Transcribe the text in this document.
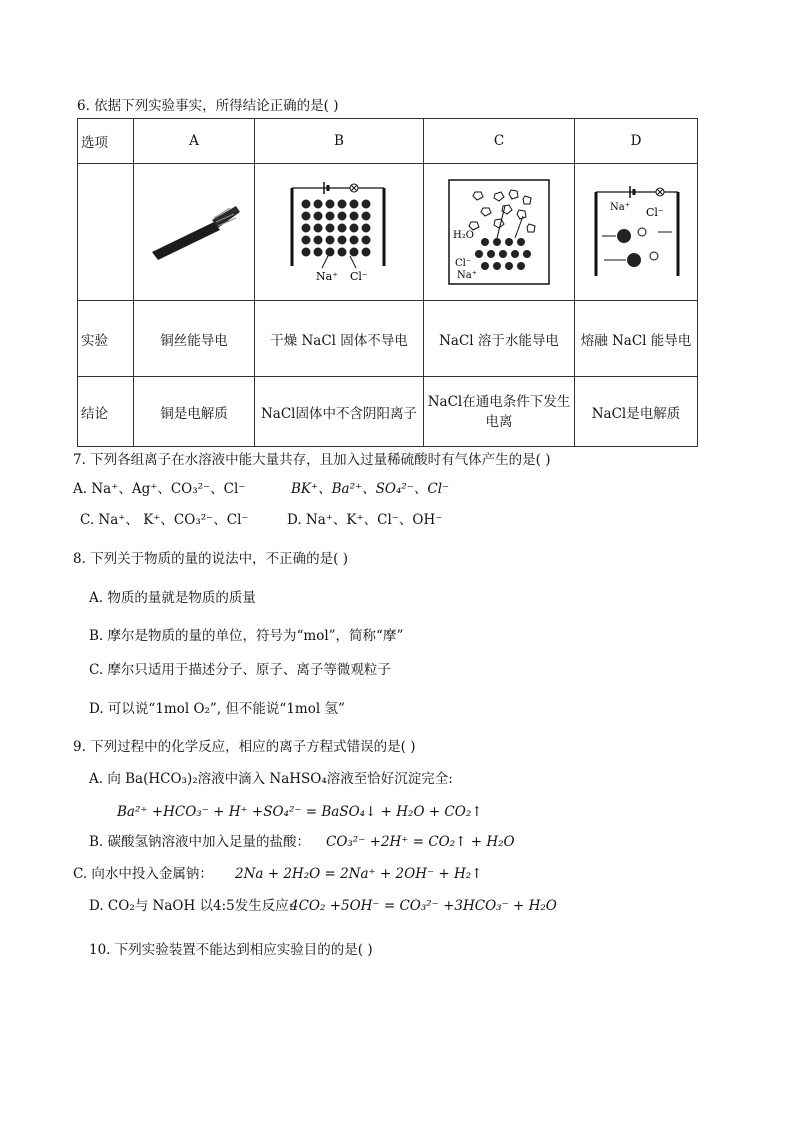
6. 依据下列实验事实，所得结论正确的是( )
选项	A	B	C	D

Na⁺ Cl⁻	H₂O
Cl⁻
Na⁺	Na⁺ Cl⁻

实验	铜丝能导电	干燥 NaCl 固体不导电	NaCl 溶于水能导电	熔融 NaCl 能导电
结论	铜是电解质	NaCl固体中不含阴阳离子	NaCl在通电条件下发生电离	NaCl是电解质
7. 下列各组离子在水溶液中能大量共存，且加入过量稀硫酸时有气体产生的是( )
A. Na⁺、Ag⁺、CO₃²⁻、Cl⁻	BK⁺、Ba²⁺、SO₄²⁻、Cl⁻
C. Na⁺、 K⁺、CO₃²⁻、Cl⁻	D. Na⁺、K⁺、Cl⁻、OH⁻
8. 下列关于物质的量的说法中，不正确的是( )
A. 物质的量就是物质的质量
B. 摩尔是物质的量的单位，符号为“mol”，简称“摩”
C. 摩尔只适用于描述分子、原子、离子等微观粒子
D. 可以说“1mol O₂”, 但不能说“1mol 氢”
9. 下列过程中的化学反应，相应的离子方程式错误的是( )
A. 向 Ba(HCO₃)₂溶液中滴入 NaHSO₄溶液至恰好沉淀完全:
Ba²⁺ +HCO₃⁻ + H⁺ +SO₄²⁻ = BaSO₄↓ + H₂O + CO₂↑
B. 碳酸氢钠溶液中加入足量的盐酸： CO₃²⁻ +2H⁺ = CO₂↑ + H₂O
C. 向水中投入金属钠： 2Na + 2H₂O = 2Na⁺ + 2OH⁻ + H₂↑
D. CO₂与 NaOH 以4:5发生反应:
4CO₂ +5OH⁻ = CO₃²⁻ +3HCO₃⁻ + H₂O
10. 下列实验装置不能达到相应实验目的的是( )
